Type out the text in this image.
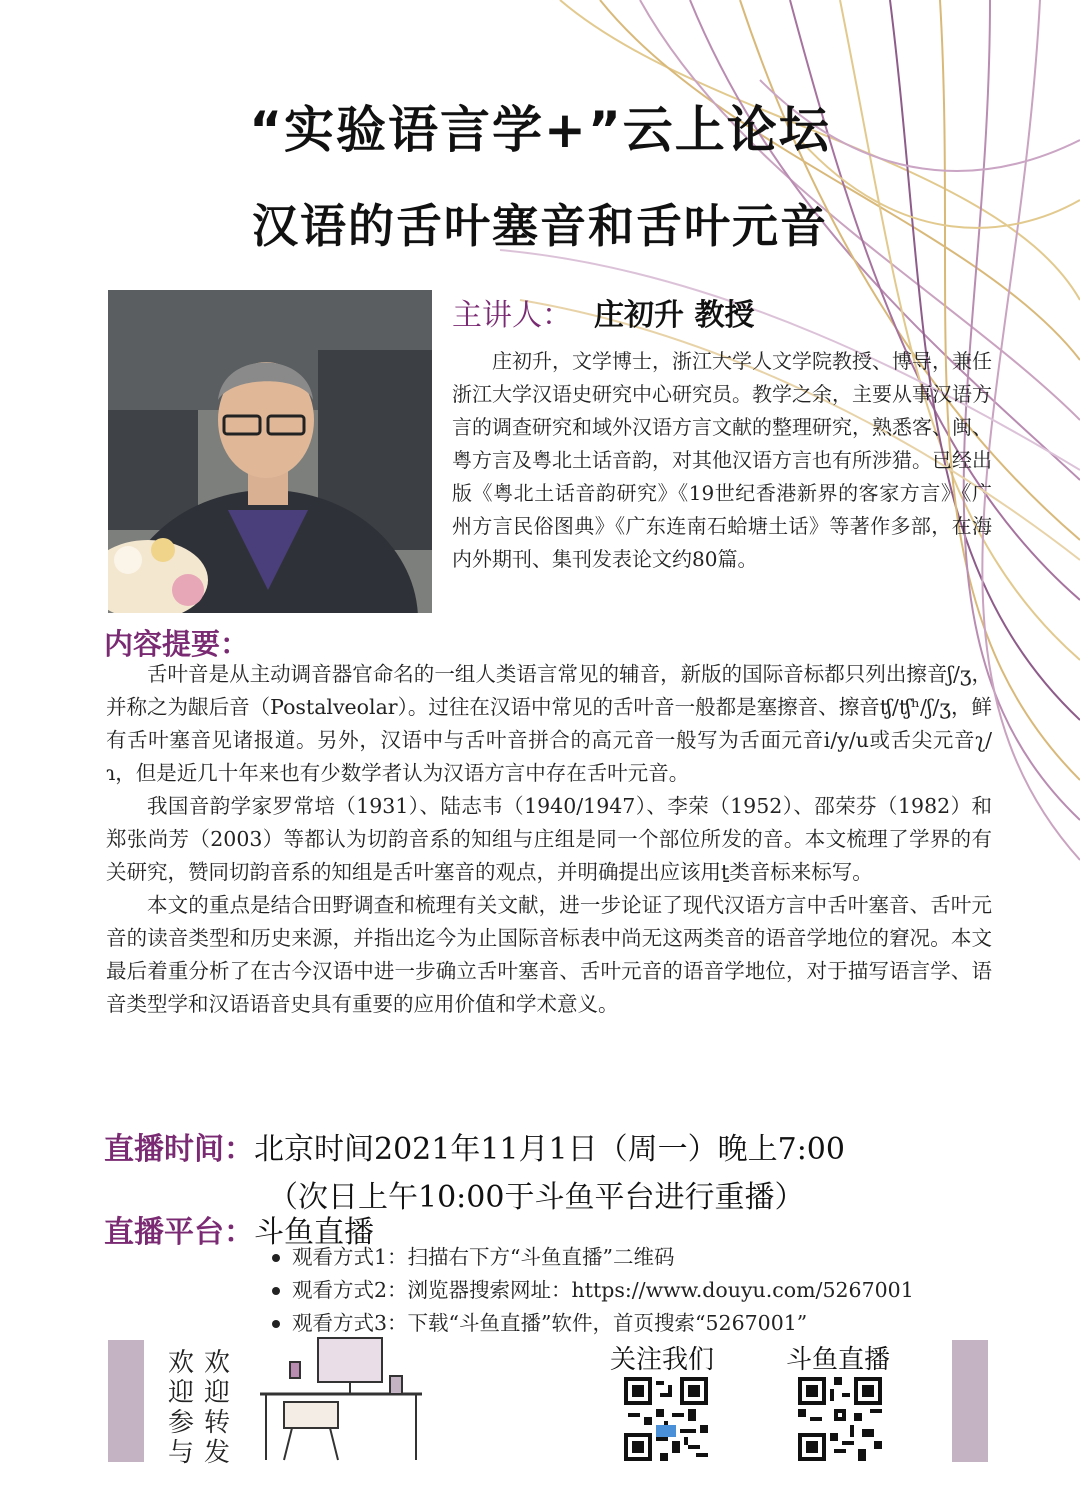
“实验语言学+”云上论坛
汉语的舌叶塞音和舌叶元音
主讲人： 庄初升 教授
庄初升，文学博士，浙江大学人文学院教授、博导，兼任浙江大学汉语史研究中心研究员。教学之余，主要从事汉语方言的调查研究和域外汉语方言文献的整理研究，熟悉客、闽、粤方言及粤北土话音韵，对其他汉语方言也有所涉猎。已经出版《粤北土话音韵研究》《19世纪香港新界的客家方言》《广州方言民俗图典》《广东连南石蛤塘土话》等著作多部，在海内外期刊、集刊发表论文约80篇。
内容提要：

舌叶音是从主动调音器官命名的一组人类语言常见的辅音，新版的国际音标都只列出擦音ʃ/ʒ，并称之为龈后音（Postalveolar）。过往在汉语中常见的舌叶音一般都是塞擦音、擦音ʧ/ʧʰ/ʃ/ʒ，鲜有舌叶塞音见诸报道。另外，汉语中与舌叶音拼合的高元音一般写为舌面元音i/y/u或舌尖元音ʅ/ɿ，但是近几十年来也有少数学者认为汉语方言中存在舌叶元音。

我国音韵学家罗常培（1931）、陆志韦（1940/1947）、李荣（1952）、邵荣芬（1982）和郑张尚芳（2003）等都认为切韵音系的知组与庄组是同一个部位所发的音。本文梳理了学界的有关研究，赞同切韵音系的知组是舌叶塞音的观点，并明确提出应该用ṯ类音标来标写。

本文的重点是结合田野调查和梳理有关文献，进一步论证了现代汉语方言中舌叶塞音、舌叶元音的读音类型和历史来源，并指出迄今为止国际音标表中尚无这两类音的语音学地位的窘况。本文最后着重分析了在古今汉语中进一步确立舌叶塞音、舌叶元音的语音学地位，对于描写语言学、语音类型学和汉语语音史具有重要的应用价值和学术意义。

直播时间：北京时间2021年11月1日（周一）晚上7:00
（次日上午10:00于斗鱼平台进行重播）
直播平台：斗鱼直播
观看方式1：扫描右下方“斗鱼直播”二维码
观看方式2：浏览器搜索网址：https://www.douyu.com/5267001
观看方式3：下载“斗鱼直播”软件，首页搜索“5267001”
欢迎转发
欢迎参与
关注我们	斗鱼直播
